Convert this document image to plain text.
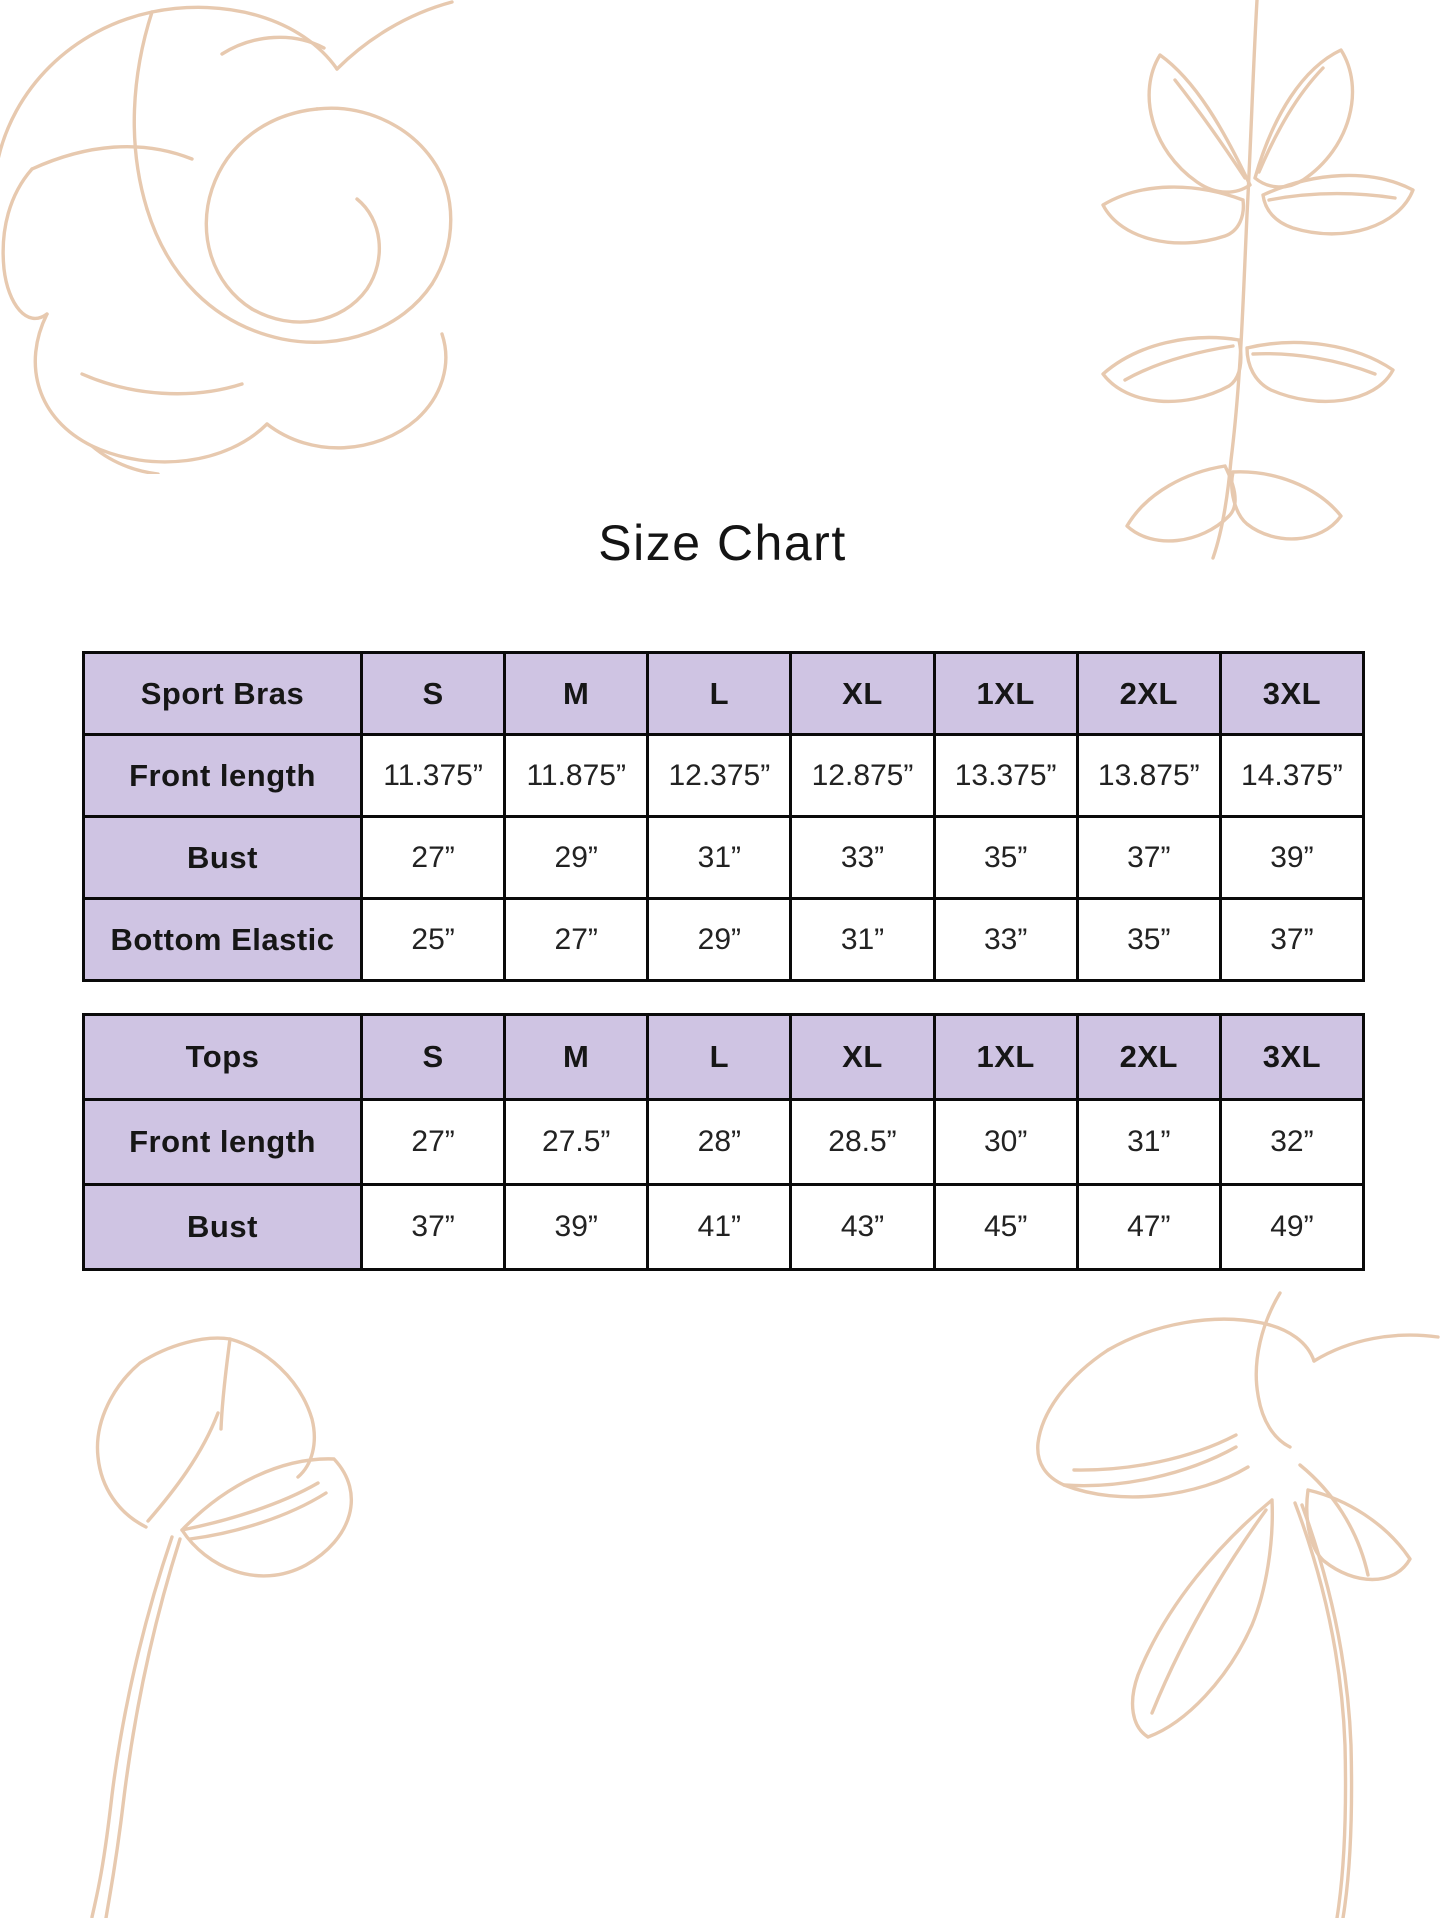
Size Chart
Sport Bras	S	M	L	XL	1XL	2XL	3XL
Front length	11.375”	11.875”	12.375”	12.875”	13.375”	13.875”	14.375”
Bust	27”	29”	31”	33”	35”	37”	39”
Bottom Elastic	25”	27”	29”	31”	33”	35”	37”
Tops	S	M	L	XL	1XL	2XL	3XL
Front length	27”	27.5”	28”	28.5”	30”	31”	32”
Bust	37”	39”	41”	43”	45”	47”	49”
